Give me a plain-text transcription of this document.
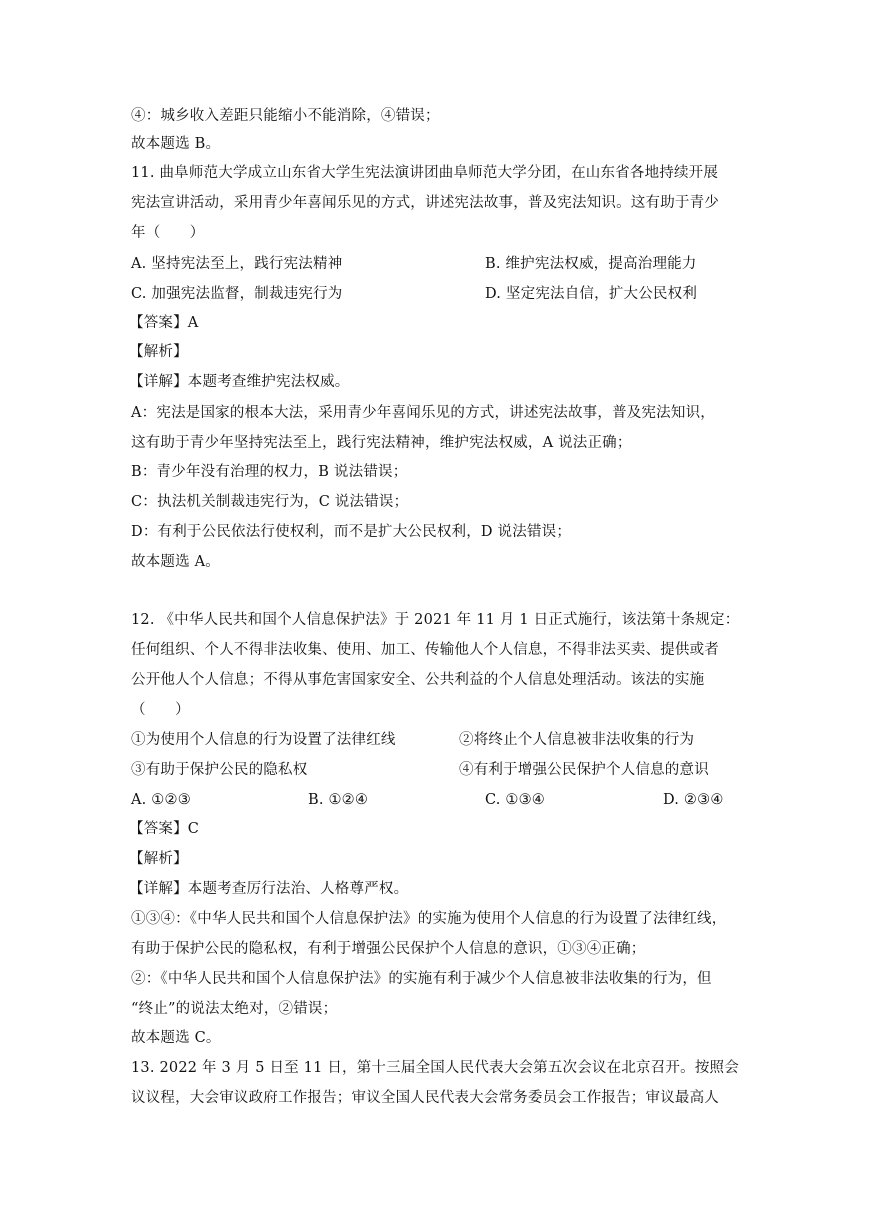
④：城乡收入差距只能缩小不能消除，④错误；
故本题选 B。
11. 曲阜师范大学成立山东省大学生宪法演讲团曲阜师范大学分团，在山东省各地持续开展
宪法宣讲活动，采用青少年喜闻乐见的方式，讲述宪法故事，普及宪法知识。这有助于青少
年（　　）
A. 坚持宪法至上，践行宪法精神	B. 维护宪法权威，提高治理能力
C. 加强宪法监督，制裁违宪行为	D. 坚定宪法自信，扩大公民权利
【答案】A
【解析】
【详解】本题考查维护宪法权威。
A：宪法是国家的根本大法，采用青少年喜闻乐见的方式，讲述宪法故事，普及宪法知识，
这有助于青少年坚持宪法至上，践行宪法精神，维护宪法权威，A 说法正确；
B：青少年没有治理的权力，B 说法错误；
C：执法机关制裁违宪行为，C 说法错误；
D：有利于公民依法行使权利，而不是扩大公民权利，D 说法错误；
故本题选 A。
12. 《中华人民共和国个人信息保护法》于 2021 年 11 月 1 日正式施行，该法第十条规定：
任何组织、个人不得非法收集、使用、加工、传输他人个人信息，不得非法买卖、提供或者
公开他人个人信息；不得从事危害国家安全、公共利益的个人信息处理活动。该法的实施
（　　）
①为使用个人信息的行为设置了法律红线	②将终止个人信息被非法收集的行为
③有助于保护公民的隐私权	④有利于增强公民保护个人信息的意识
A. ①②③	B. ①②④	C. ①③④	D. ②③④
【答案】C
【解析】
【详解】本题考查厉行法治、人格尊严权。
①③④：《中华人民共和国个人信息保护法》的实施为使用个人信息的行为设置了法律红线，
有助于保护公民的隐私权，有利于增强公民保护个人信息的意识，①③④正确；
②：《中华人民共和国个人信息保护法》的实施有利于减少个人信息被非法收集的行为，但
“终止”的说法太绝对，②错误；
故本题选 C。
13. 2022 年 3 月 5 日至 11 日，第十三届全国人民代表大会第五次会议在北京召开。按照会
议议程，大会审议政府工作报告；审议全国人民代表大会常务委员会工作报告；审议最高人
